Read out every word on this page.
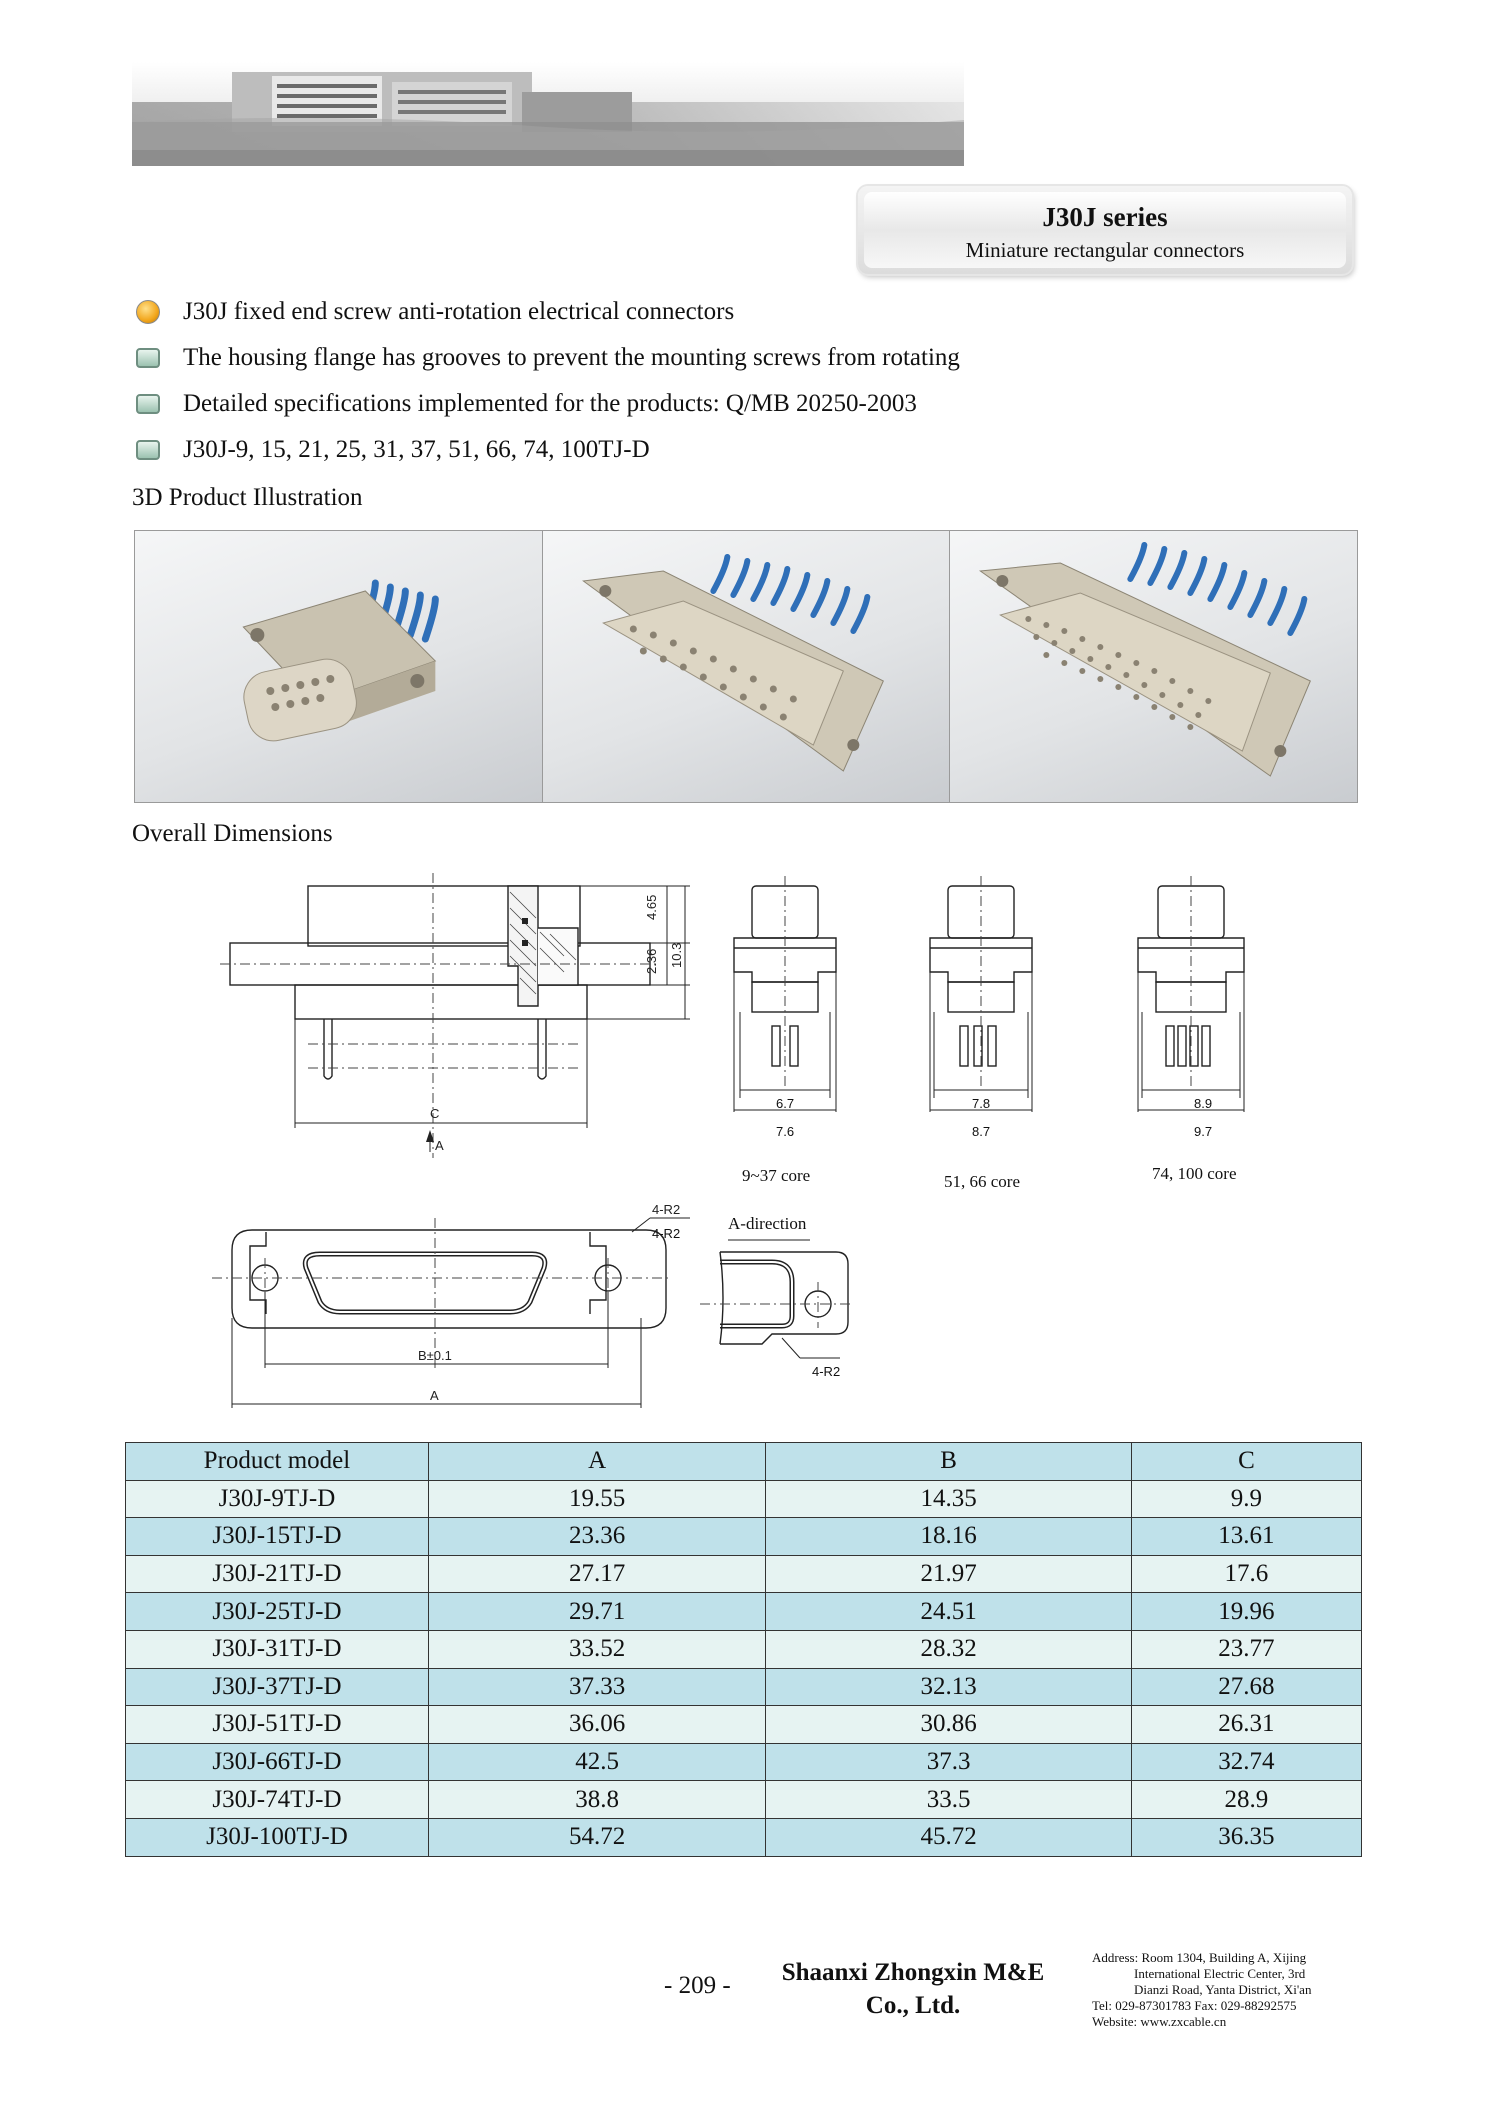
J30J series
Miniature rectangular connectors
J30J fixed end screw anti-rotation electrical connectors
The housing flange has grooves to prevent the mounting screws from rotating
Detailed specifications implemented for the products: Q/MB 20250-2003
J30J-9, 15, 21, 25, 31, 37, 51, 66, 74, 100TJ-D
3D Product Illustration
Overall Dimensions
4.65
2.36 10.3
C
A
6.7
7.6
9~37 core
7.8
8.7
51, 66 core
8.9
9.7
74, 100 core
4-R2
B±0.1
A
4-R2
A-direction
4-R2
Product model	A	B	C
J30J-9TJ-D	19.55	14.35	9.9
J30J-15TJ-D	23.36	18.16	13.61
J30J-21TJ-D	27.17	21.97	17.6
J30J-25TJ-D	29.71	24.51	19.96
J30J-31TJ-D	33.52	28.32	23.77
J30J-37TJ-D	37.33	32.13	27.68
J30J-51TJ-D	36.06	30.86	26.31
J30J-66TJ-D	42.5	37.3	32.74
J30J-74TJ-D	38.8	33.5	28.9
J30J-100TJ-D	54.72	45.72	36.35
- 209 -	Shaanxi Zhongxin M&E
Co., Ltd.
Address: Room 1304, Building A, Xijing
International Electric Center, 3rd
Dianzi Road, Yanta District, Xi'an
Tel: 029-87301783 Fax: 029-88292575
Website: www.zxcable.cn
